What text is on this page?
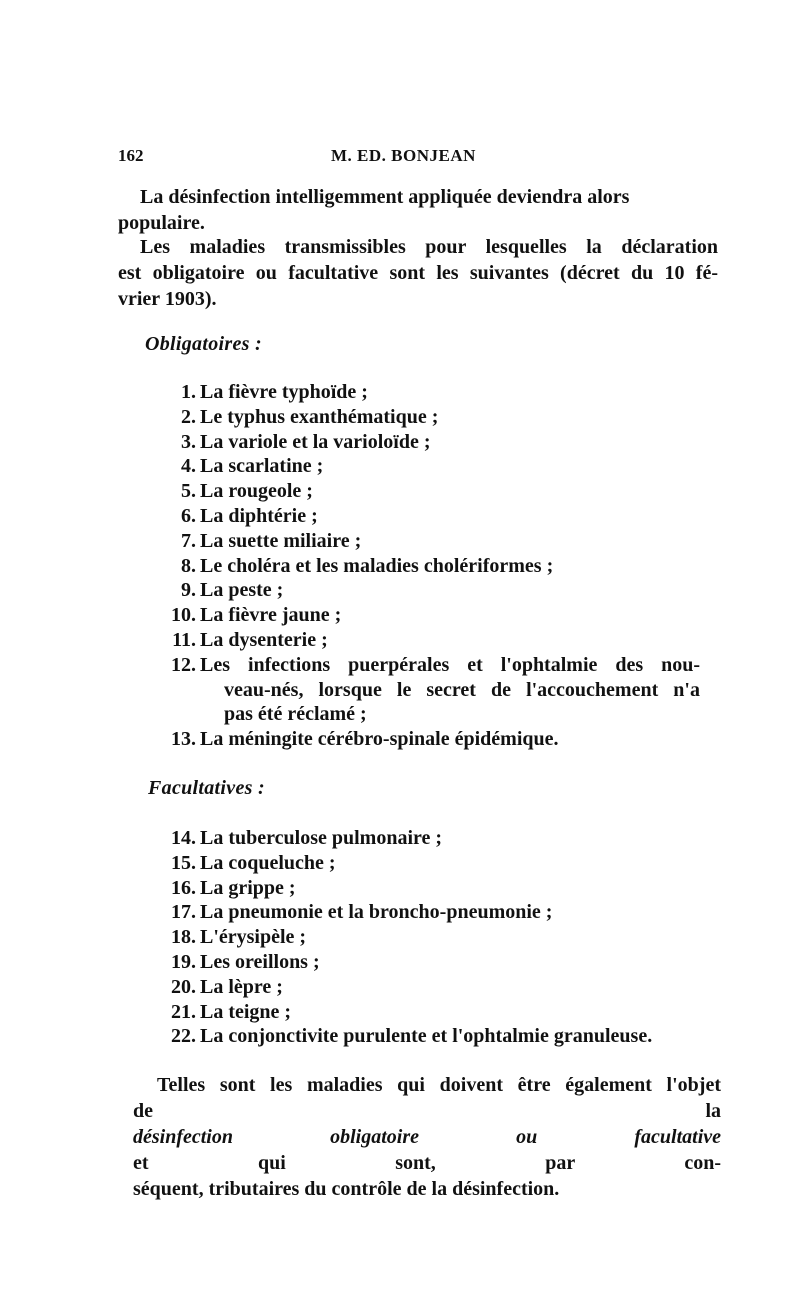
162	M. ED. BONJEAN
La désinfection intelligemment appliquée deviendra alors
populaire.
Les maladies transmissibles pour lesquelles la déclaration
est obligatoire ou facultative sont les suivantes (décret du 10 fé-
vrier 1903).
Obligatoires :
1. La fièvre typhoïde ;
2. Le typhus exanthématique ;
3. La variole et la varioloïde ;
4. La scarlatine ;
5. La rougeole ;
6. La diphtérie ;
7. La suette miliaire ;
8. Le choléra et les maladies cholériformes ;
9. La peste ;
10. La fièvre jaune ;
11. La dysenterie ;
12. Les infections puerpérales et l'ophtalmie des nou-
veau-nés, lorsque le secret de l'accouchement n'a
pas été réclamé ;
13. La méningite cérébro-spinale épidémique.
Facultatives :
14. La tuberculose pulmonaire ;
15. La coqueluche ;
16. La grippe ;
17. La pneumonie et la broncho-pneumonie ;
18. L'érysipèle ;
19. Les oreillons ;
20. La lèpre ;
21. La teigne ;
22. La conjonctivite purulente et l'ophtalmie granuleuse.
Telles sont les maladies qui doivent être également l'objet
de la
désinfection obligatoire ou facultative
et qui sont, par con-
séquent, tributaires du contrôle de la désinfection.
